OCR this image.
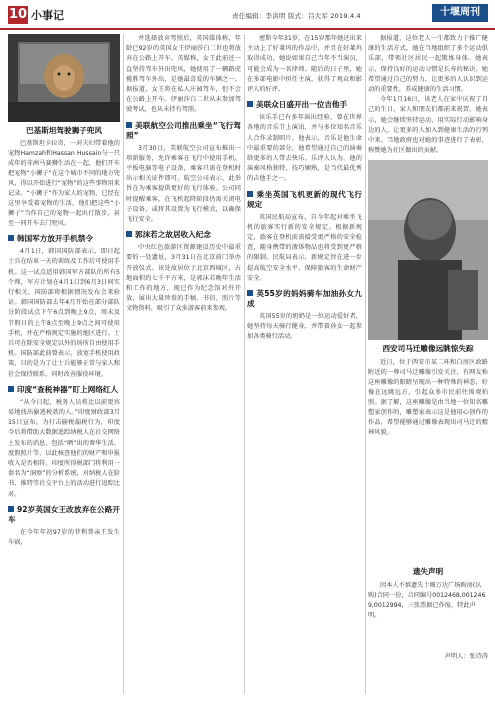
10 小事记	责任编辑：李洪明 版式：吕大军 2019.4.4	十堰周刊
巴基斯坦驾驶狮子兜风

巴基斯坦卡拉奇，一对夫妇带着他的宠物Hamzah和Hassan Hussain与一只成年的非洲马赛狮生活在一起，他们开车把宠物“小狮子”在这个城市不同的地方兜风，得以开始进行“宠物”的这些事物用来记录。“小狮子”作为家人的宠物，已经在这里享受着宠物的生活，他们把这些“小狮子”当作自己的宠物一起出行散步，甚至一同开车去门兜风。

韩国军方放开手机禁令

4月1日，韩国国防部表示，即日起士兵在结束一天的训练及工作后可使用手机。这一试点适用韩国军方部队的所有5个师，军方计划在4月1日到6月3日间实行相关，国防部将根据情况发布会来验证。韩国国防部去年4月开始在部分部队分阶段试点下午6点到晚上9点，周末及节假日的上午8点至晚上9点之间可使用手机，并在严格规定实施的地区进行。士兵可在除安全规定以外的场所自由使用手机。国防部此前曾表示，放宽手机使用政策，目的是为了让士兵能够正常与家人和社会保持联系，同时改善服役环境。

印度“查税神器”盯上网络红人

“从今日起，税务人员将比以前更容易地找出偷逃税款的人。”印度财政部3月15日宣布，为打击偷税漏税行为，印度今后将借助大数据追踪纳税人在社交网络上发布的消息，包括“晒”出的奢华生活、度假照片等，以此核查他们的财产和申报收入是否相符。印度所得税部门将利用一套名为“洞察”的分析系统，对纳税人在脸书、推特等社交平台上的活动进行追踪比对。

92岁英国女王改放弃在公路开车

在今年年初97岁的菲利普亲王发生车祸，

并选择放弃驾照后，英国媒体称，年龄已92岁的英国女王伊丽莎白二世也将放弃在公路上开车。英媒称，女王此前还一直坚持驾车外出兜风，她使用了一辆路虎揽胜驾车外出，是她最喜爱的车辆之一。据报道，女王将在私人庄园驾车，但不会在公路上开车。伊丽莎白二世从未参加驾驶考试，也从未持有驾照。

美联航空公司推出乘坐“飞行驾照”

3月30日，美联航空公司宣布推出一项新服务，允许乘客在飞行中使用手机、平板电脑等电子设备，乘客只需在登机时出示相关证件即可。航空公司表示，此举旨在为乘客提供更好的飞行体验。公司同时提醒乘客，在飞机起降阶段仍需关闭电子设备，或将其设置为飞行模式，以确保飞行安全。

郭沫若之故居收入纪念

中央红色旅游区资源建设历史中最重要的一处遗址，3月31日在北京前门举办开放仪式。该处故居位于北京西城区，占地面积约七千平方米，是郭沫若晚年生活和工作的地方，现已作为纪念馆对外开放，展出大量珍贵的手稿、书信、照片等文物资料，吸引了众多游客前来参观。

密斯今年31岁，在15岁那年她还出来主动上了好莱坞的作品中，并且在好莱坞取得成功。她说如果自己当年不当演员，可能会成为一名律师。随后的日子里，她在多部电影中担任主演，获得了观众和影评人的好评。

美联众日盛开出一位吉他手

该乐手已有多年演出经验，曾在世界各地的音乐节上演出，并与多位知名音乐人合作录制唱片。他表示，音乐是他生命中最重要的部分，他希望通过自己的演奏给更多的人带去快乐。乐评人认为，他的演奏风格独特，技巧娴熟，是当代最优秀的吉他手之一。

乘坐英国飞机更新的现代飞行规定

英国民航局宣布，自今年起对乘坐飞机的旅客实行新的安全规定。根据新规定，旅客在登机前需接受更严格的安全检查，随身携带的液体物品也将受到更严格的限制。民航局表示，新规定旨在进一步提高航空安全水平，保障旅客的生命财产安全。

英55岁的妈妈骑车加油孙女九成

英国55岁的奶奶是一位运动爱好者，她坚持每天骑行健身，并带着孙女一起参加各类骑行活动。

据报道，这位老人一生都致力于推广健康的生活方式，她在当地组织了多个运动俱乐部，带领社区居民一起锻炼身体。她表示，保持良好的运动习惯是长寿的秘诀。她希望通过自己的努力，让更多的人认识到运动的重要性，养成健康的生活习惯。

今年1月16日，该老人在家中庆祝了自己的生日，家人和朋友们都前来祝贺。她表示，她会继续坚持运动，用实际行动影响身边的人，让更多的人加入到健康生活的行列中来。当地政府也对她的事迹进行了表彰，称赞她为社区做出的贡献。

西安司马迁雕像远眺惊失踪

近日，位于西安市某二环和白房区政路附近的一尊司马迁雕像引发关注，有网友称这座雕像的眼睛呈现出一种特殊的神态，好像在远眺远方，引起众多市民前往围观拍照。据了解，这座雕像是由当地一位知名雕塑家创作的，雕塑家表示这是他用心创作的作品，希望能够通过雕像表现出司马迁的精神风貌。

遗失声明

因本人不慎遗失十堰万达广场购房(认购)合同一份，合同编号0012468,0012469,0012994，三张票据已作废，特此声明。

声明人：张诗涛
